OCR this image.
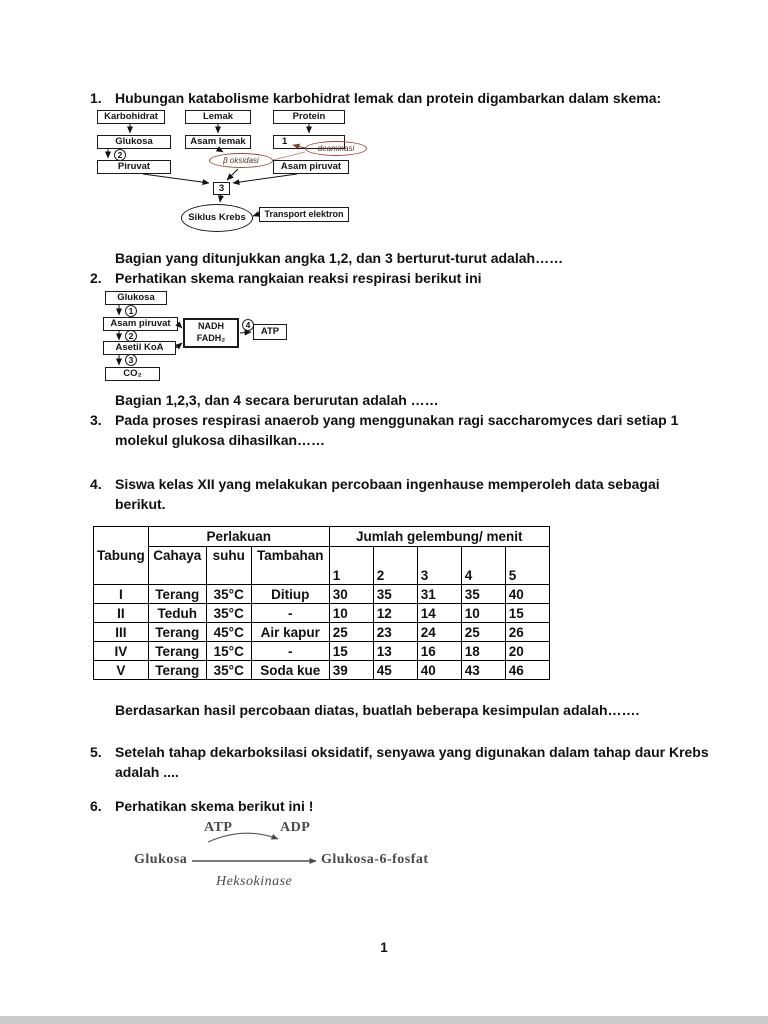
1. Hubungan katabolisme karbohidrat lemak dan protein digambarkan dalam skema:
Karbohidrat	Lemak	Protein
Glukosa	Asam lemak	1
deaminasi
2
Piruvat
β oksidasi
Asam piruvat
3
Siklus Krebs	Transport elektron
Bagian yang ditunjukkan angka 1,2, dan 3 berturut-turut adalah……
2. Perhatikan skema rangkaian reaksi respirasi berikut ini
Glukosa
1
Asam piruvat
2
NADH
FADH₂
4
ATP
Asetil KoA
3
CO₂
Bagian 1,2,3, dan 4 secara berurutan adalah ……
3. Pada proses respirasi anaerob yang menggunakan ragi saccharomyces dari setiap 1
molekul glukosa dihasilkan……
4. Siswa kelas XII yang melakukan percobaan ingenhause memperoleh data sebagai
berikut.
Tabung	Perlakuan			Jumlah gelembung/ menit				
	Cahaya	suhu	Tambahan	1	2	3	4	5
I	Terang	35°C	Ditiup	30	35	31	35	40
II	Teduh	35°C	-	10	12	14	10	15
III	Terang	45°C	Air kapur	25	23	24	25	26
IV	Terang	15°C	-	15	13	16	18	20
V	Terang	35°C	Soda kue	39	45	40	43	46
Berdasarkan hasil percobaan diatas, buatlah beberapa kesimpulan adalah…….
5. Setelah tahap dekarboksilasi oksidatif, senyawa yang digunakan dalam tahap daur Krebs
adalah ....
6. Perhatikan skema berikut ini !
ATP	ADP
Glukosa	Glukosa-6-fosfat
Heksokinase
1
